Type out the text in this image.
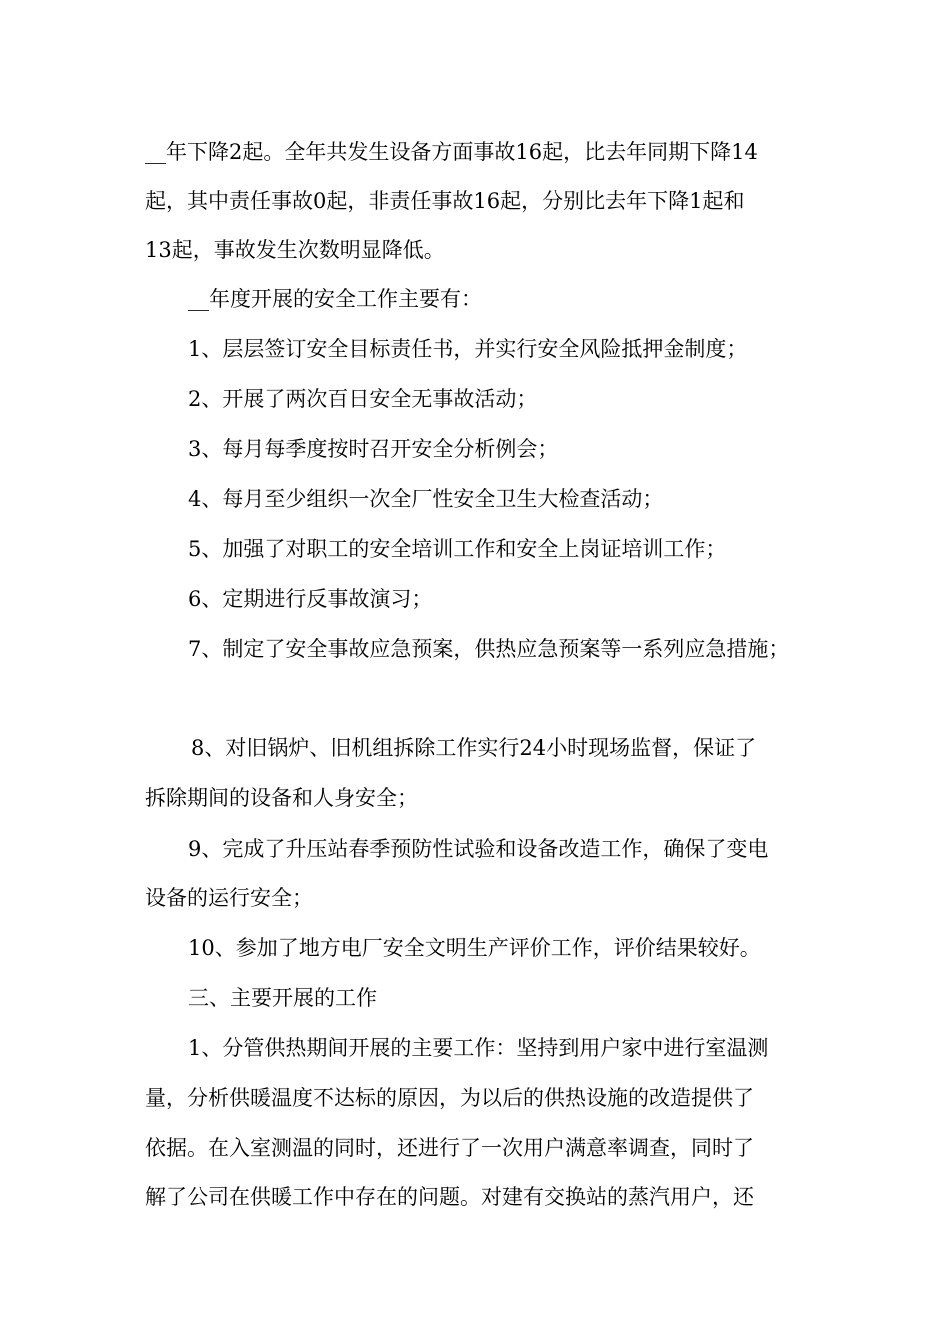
__年下降2起。全年共发生设备方面事故16起，比去年同期下降14
起，其中责任事故0起，非责任事故16起，分别比去年下降1起和
13起，事故发生次数明显降低。
__年度开展的安全工作主要有：
1、层层签订安全目标责任书，并实行安全风险抵押金制度；
2、开展了两次百日安全无事故活动；
3、每月每季度按时召开安全分析例会；
4、每月至少组织一次全厂性安全卫生大检查活动；
5、加强了对职工的安全培训工作和安全上岗证培训工作；
6、定期进行反事故演习；
7、制定了安全事故应急预案，供热应急预案等一系列应急措施；
8、对旧锅炉、旧机组拆除工作实行24小时现场监督，保证了
拆除期间的设备和人身安全；
9、完成了升压站春季预防性试验和设备改造工作，确保了变电
设备的运行安全；
10、参加了地方电厂安全文明生产评价工作，评价结果较好。
三、主要开展的工作
1、分管供热期间开展的主要工作：坚持到用户家中进行室温测
量，分析供暖温度不达标的原因，为以后的供热设施的改造提供了
依据。在入室测温的同时，还进行了一次用户满意率调查，同时了
解了公司在供暖工作中存在的问题。对建有交换站的蒸汽用户，还
